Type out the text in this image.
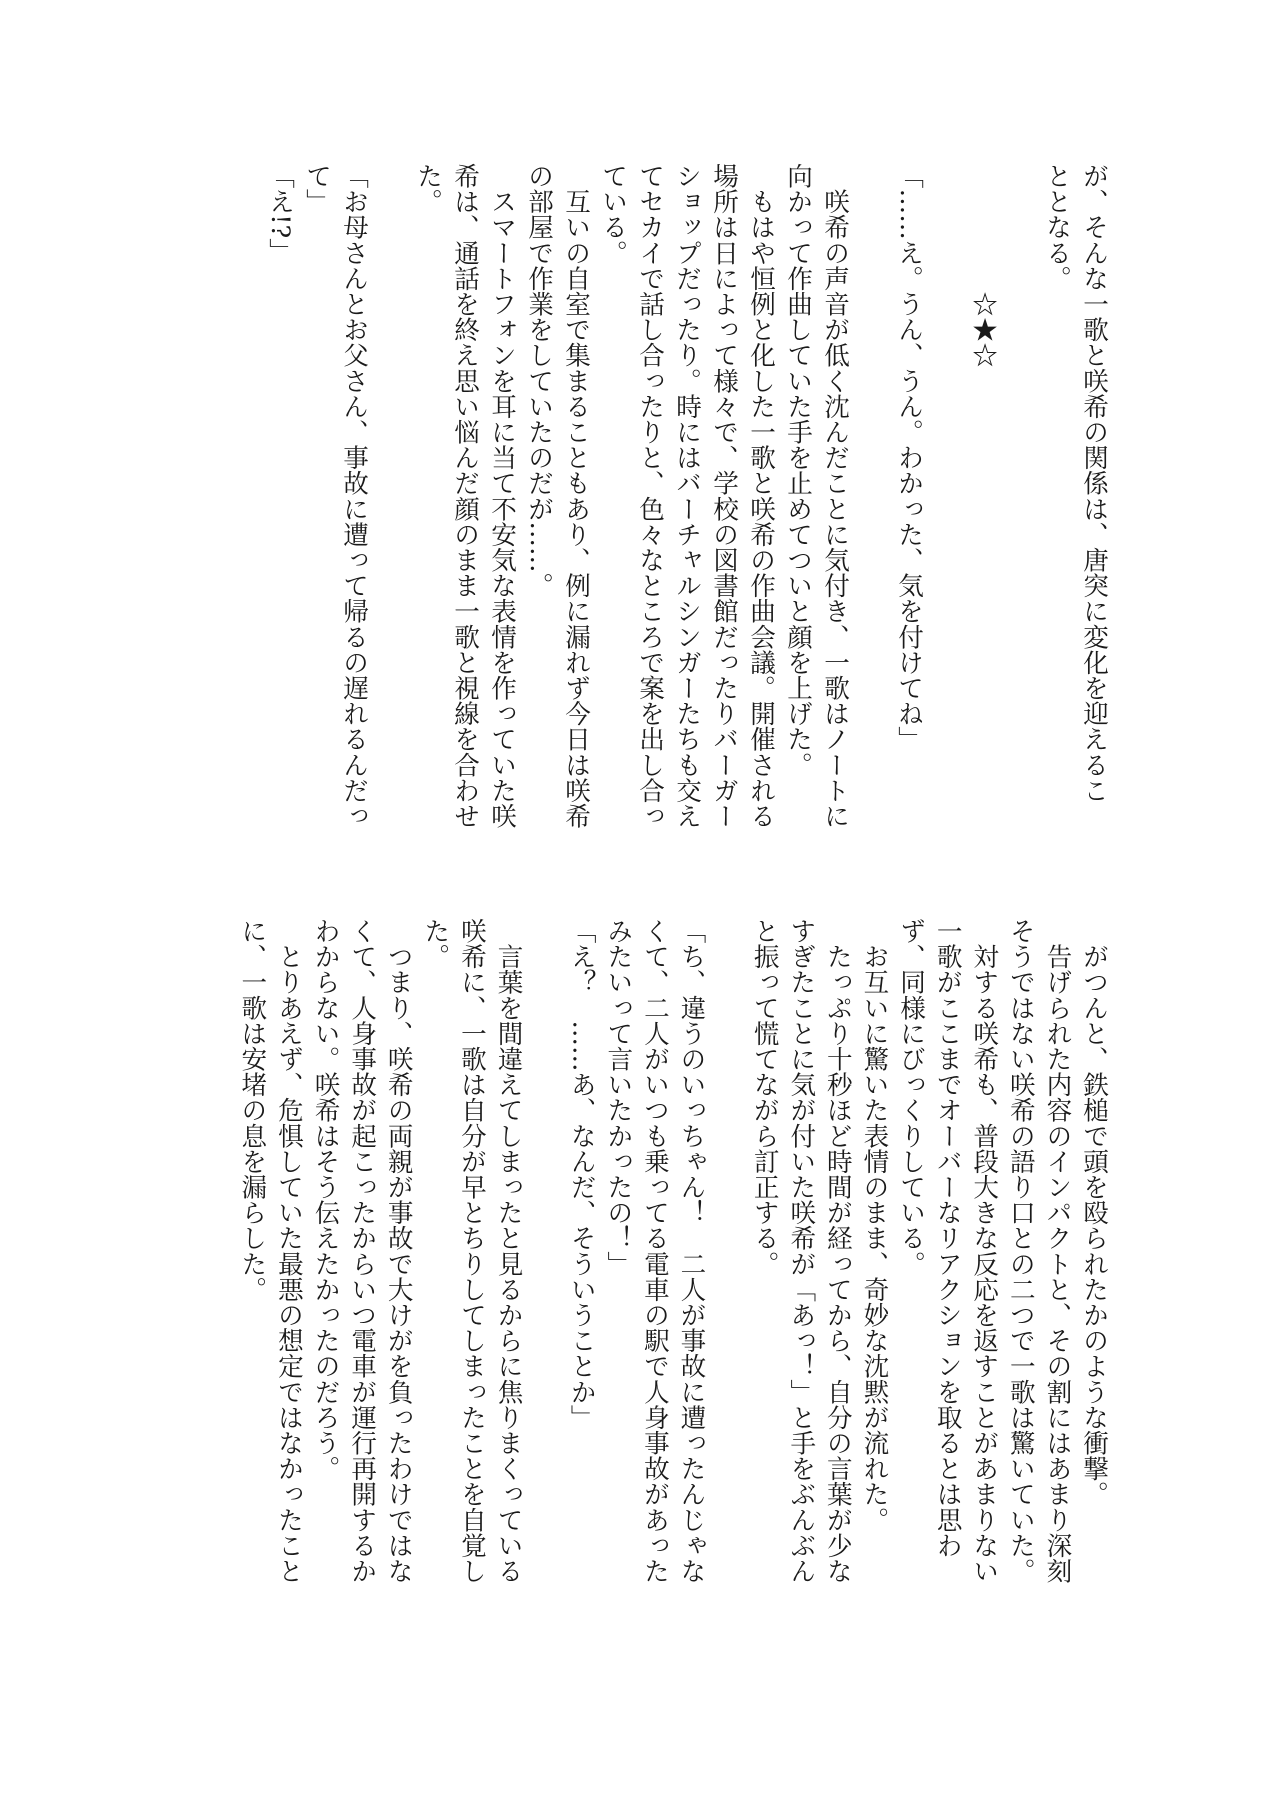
が、そんな一歌と咲希の関係は、唐突に変化を迎えるこ
ととなる。
　　　　　☆★☆
「……え。うん、うん。わかった、気を付けてね」
　咲希の声音が低く沈んだことに気付き、一歌はノートに
向かって作曲していた手を止めてついと顔を上げた。
　もはや恒例と化した一歌と咲希の作曲会議。開催される
場所は日によって様々で、学校の図書館だったりバーガー
ショップだったり。時にはバーチャルシンガーたちも交え
てセカイで話し合ったりと、色々なところで案を出し合っ
ている。
　互いの自室で集まることもあり、例に漏れず今日は咲希
の部屋で作業をしていたのだが……。
　スマートフォンを耳に当て不安気な表情を作っていた咲
希は、通話を終え思い悩んだ顔のまま一歌と視線を合わせ
た。
「お母さんとお父さん、事故に遭って帰るの遅れるんだっ
て」
「え!?」
　がつんと、鉄槌で頭を殴られたかのような衝撃。
　告げられた内容のインパクトと、その割にはあまり深刻
そうではない咲希の語り口との二つで一歌は驚いていた。
　対する咲希も、普段大きな反応を返すことがあまりない
一歌がここまでオーバーなリアクションを取るとは思わ
ず、同様にびっくりしている。
　お互いに驚いた表情のまま、奇妙な沈黙が流れた。
　たっぷり十秒ほど時間が経ってから、自分の言葉が少な
すぎたことに気が付いた咲希が「あっ！」と手をぶんぶん
と振って慌てながら訂正する。
「ち、違うのいっちゃん！　二人が事故に遭ったんじゃな
くて、二人がいつも乗ってる電車の駅で人身事故があった
みたいって言いたかったの！」
「え？　……あ、なんだ、そういうことか」
　言葉を間違えてしまったと見るからに焦りまくっている
咲希に、一歌は自分が早とちりしてしまったことを自覚し
た。
　つまり、咲希の両親が事故で大けがを負ったわけではな
くて、人身事故が起こったからいつ電車が運行再開するか
わからない。咲希はそう伝えたかったのだろう。
　とりあえず、危惧していた最悪の想定ではなかったこと
に、一歌は安堵の息を漏らした。
